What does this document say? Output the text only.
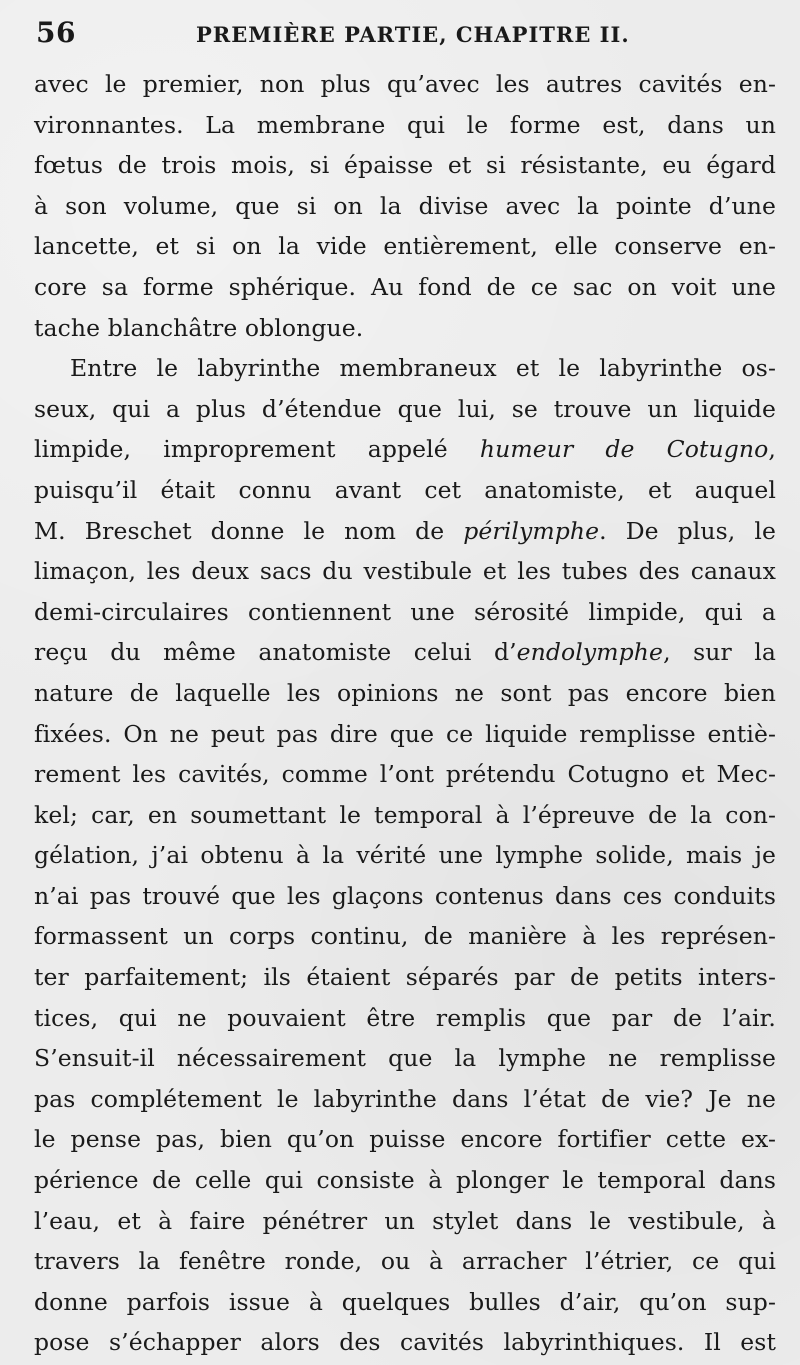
56	PREMIÈRE PARTIE, CHAPITRE II.
avec le premier, non plus qu’avec les autres cavités en-
vironnantes. La membrane qui le forme est, dans un
fœtus de trois mois, si épaisse et si résistante, eu égard
à son volume, que si on la divise avec la pointe d’une
lancette, et si on la vide entièrement, elle conserve en-
core sa forme sphérique. Au fond de ce sac on voit une
tache blanchâtre oblongue.
Entre le labyrinthe membraneux et le labyrinthe os-
seux, qui a plus d’étendue que lui, se trouve un liquide
limpide, improprement appelé humeur de Cotugno,
puisqu’il était connu avant cet anatomiste, et auquel
M. Breschet donne le nom de périlymphe. De plus, le
limaçon, les deux sacs du vestibule et les tubes des canaux
demi-circulaires contiennent une sérosité limpide, qui a
reçu du même anatomiste celui d’endolymphe, sur la
nature de laquelle les opinions ne sont pas encore bien
fixées. On ne peut pas dire que ce liquide remplisse entiè-
rement les cavités, comme l’ont prétendu Cotugno et Mec-
kel; car, en soumettant le temporal à l’épreuve de la con-
gélation, j’ai obtenu à la vérité une lymphe solide, mais je
n’ai pas trouvé que les glaçons contenus dans ces conduits
formassent un corps continu, de manière à les représen-
ter parfaitement; ils étaient séparés par de petits inters-
tices, qui ne pouvaient être remplis que par de l’air.
S’ensuit-il nécessairement que la lymphe ne remplisse
pas complétement le labyrinthe dans l’état de vie? Je ne
le pense pas, bien qu’on puisse encore fortifier cette ex-
périence de celle qui consiste à plonger le temporal dans
l’eau, et à faire pénétrer un stylet dans le vestibule, à
travers la fenêtre ronde, ou à arracher l’étrier, ce qui
donne parfois issue à quelques bulles d’air, qu’on sup-
pose s’échapper alors des cavités labyrinthiques. Il est
